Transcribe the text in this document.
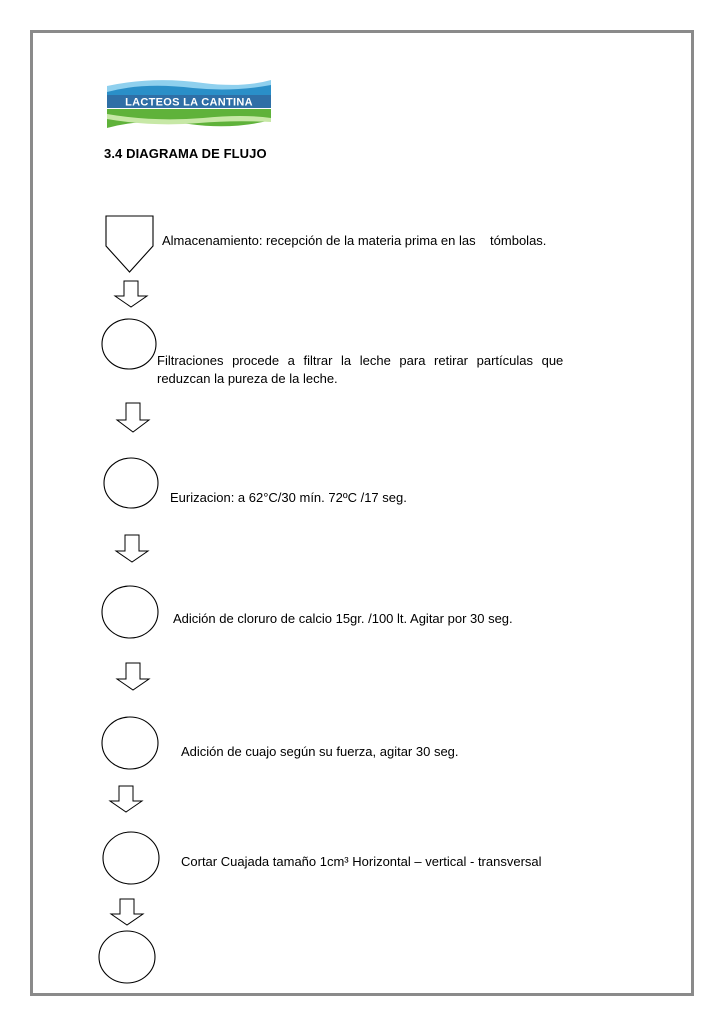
LACTEOS LA CANTINA
3.4 DIAGRAMA DE FLUJO
Almacenamiento: recepción de la materia prima en las    tómbolas.
Filtraciones procede a filtrar la leche para retirar partículas que
reduzcan la pureza de la leche.
Eurizacion: a 62°C/30 mín. 72ºC /17 seg.
Adición de cloruro de calcio 15gr. /100 lt. Agitar por 30 seg.
Adición de cuajo según su fuerza, agitar 30 seg.
Cortar Cuajada tamaño 1cm³ Horizontal – vertical - transversal
